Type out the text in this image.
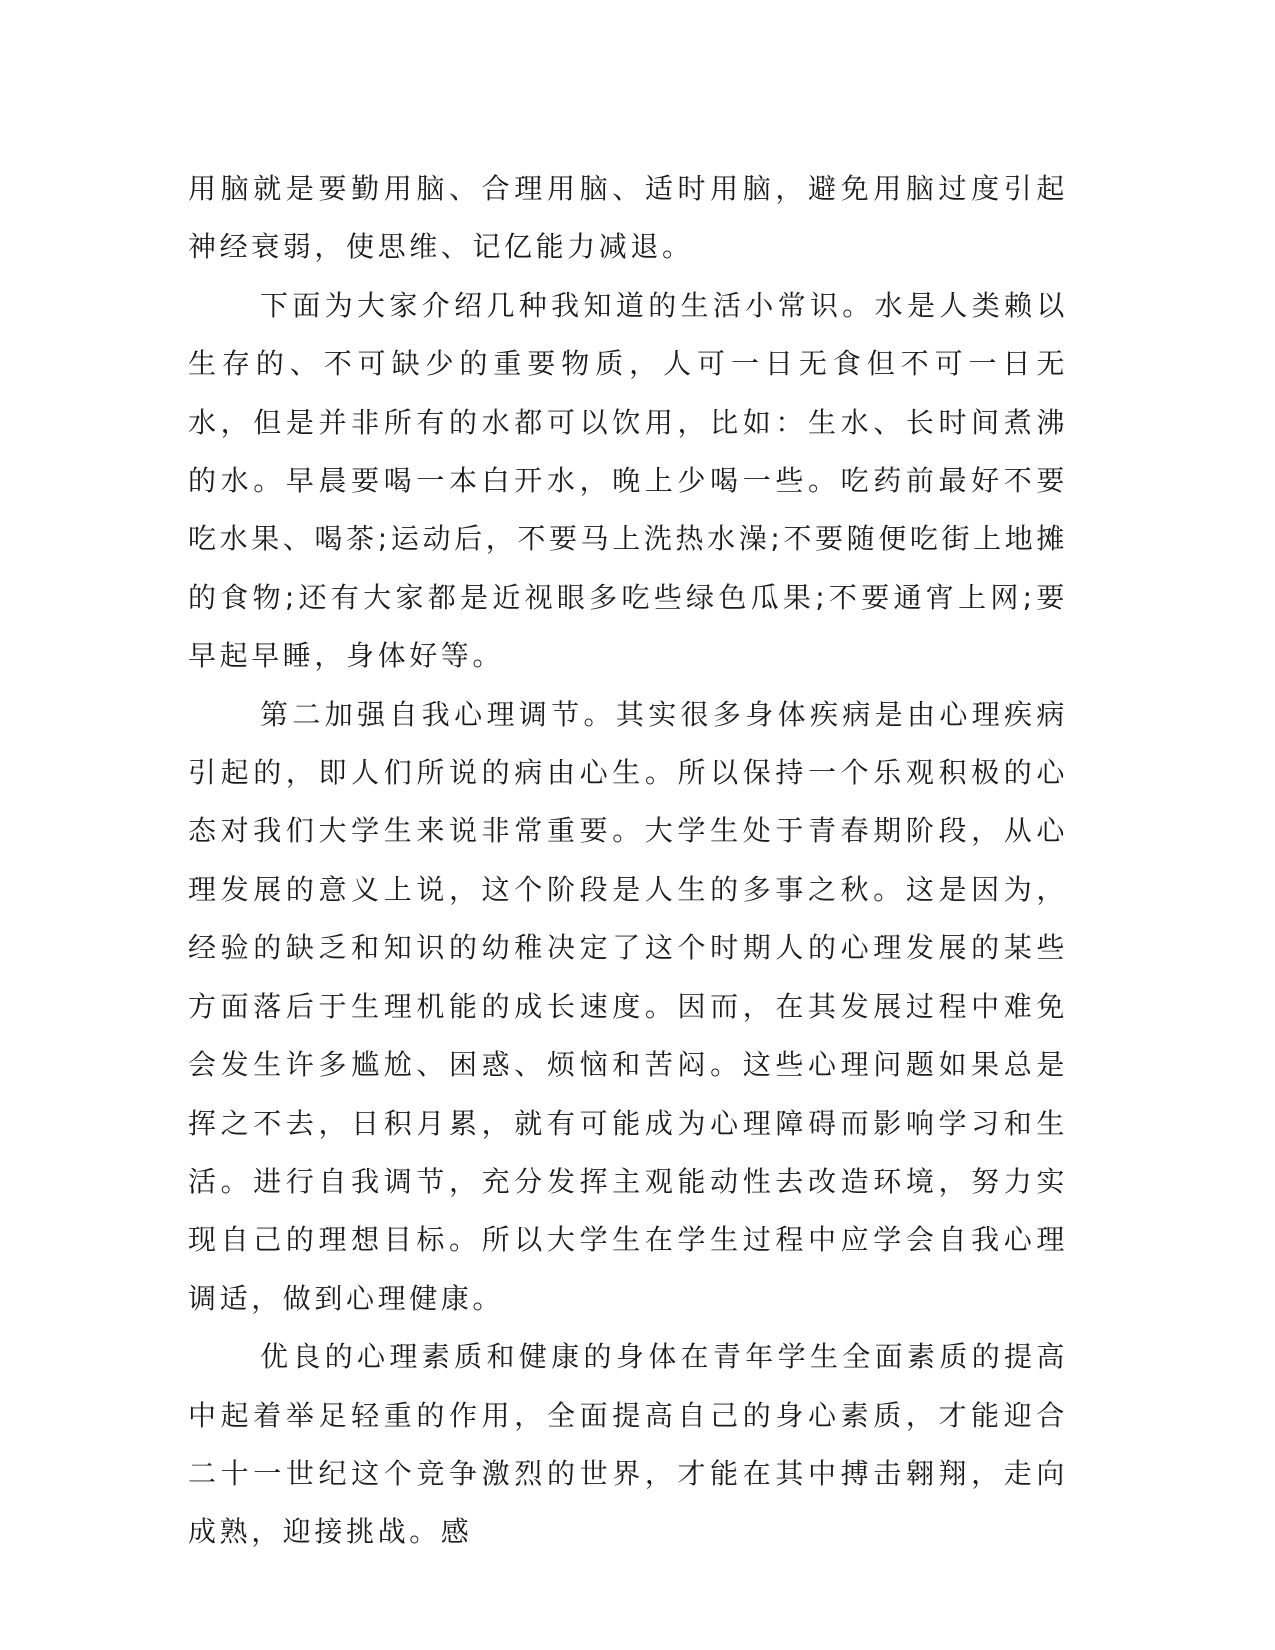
用脑就是要勤用脑、合理用脑、适时用脑，避免用脑过度引起神经衰弱，使思维、记亿能力减退。

下面为大家介绍几种我知道的生活小常识。水是人类赖以生存的、不可缺少的重要物质，人可一日无食但不可一日无水，但是并非所有的水都可以饮用，比如：生水、长时间煮沸的水。早晨要喝一本白开水，晚上少喝一些。吃药前最好不要吃水果、喝茶;运动后，不要马上洗热水澡;不要随便吃街上地摊的食物;还有大家都是近视眼多吃些绿色瓜果;不要通宵上网;要早起早睡，身体好等。

第二加强自我心理调节。其实很多身体疾病是由心理疾病引起的，即人们所说的病由心生。所以保持一个乐观积极的心态对我们大学生来说非常重要。大学生处于青春期阶段，从心理发展的意义上说，这个阶段是人生的多事之秋。这是因为，经验的缺乏和知识的幼稚决定了这个时期人的心理发展的某些方面落后于生理机能的成长速度。因而，在其发展过程中难免会发生许多尴尬、困惑、烦恼和苦闷。这些心理问题如果总是挥之不去，日积月累，就有可能成为心理障碍而影响学习和生活。进行自我调节，充分发挥主观能动性去改造环境，努力实现自己的理想目标。所以大学生在学生过程中应学会自我心理调适，做到心理健康。

优良的心理素质和健康的身体在青年学生全面素质的提高中起着举足轻重的作用，全面提高自己的身心素质，才能迎合二十一世纪这个竞争激烈的世界，才能在其中搏击翱翔，走向成熟，迎接挑战。感
